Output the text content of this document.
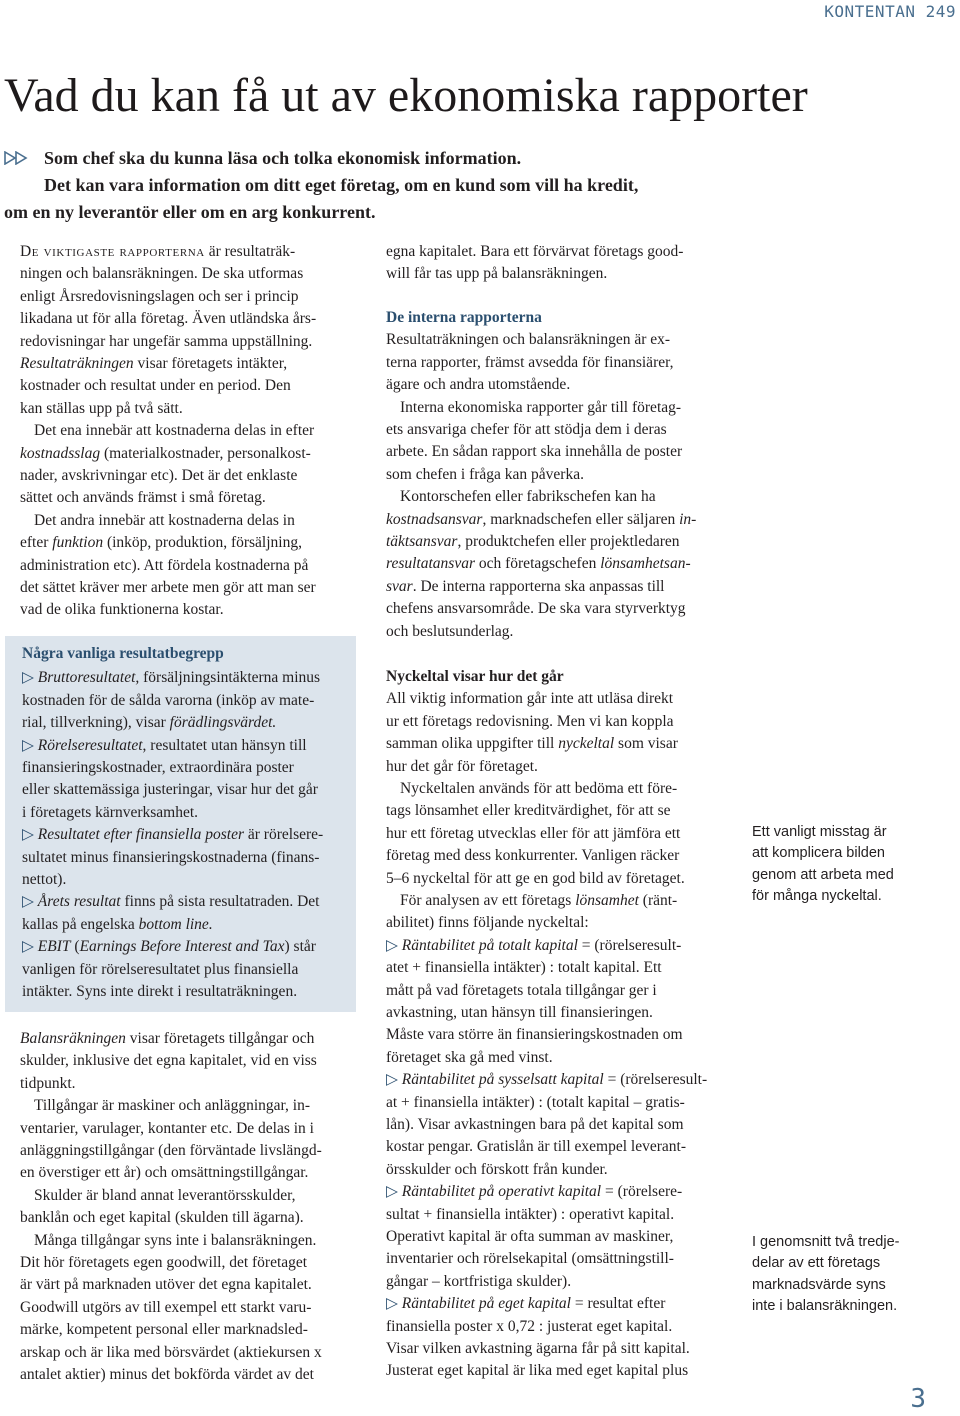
KONTENTAN 249
Vad du kan få ut av ekonomiska rapporter
Som chef ska du kunna läsa och tolka ekonomisk information.
Det kan vara information om ditt eget företag, om en kund som vill ha kredit,
om en ny leverantör eller om en arg konkurrent.
De viktigaste rapporterna är resultaträk-
ningen och balansräkningen. De ska utformas
enligt Årsredovisningslagen och ser i princip
likadana ut för alla företag. Även utländska års-
redovisningar har ungefär samma uppställning.
Resultaträkningen visar företagets intäkter,
kostnader och resultat under en period. Den
kan ställas upp på två sätt.
Det ena innebär att kostnaderna delas in efter
kostnadsslag (materialkostnader, personalkost-
nader, avskrivningar etc). Det är det enklaste
sättet och används främst i små företag.
Det andra innebär att kostnaderna delas in
efter funktion (inköp, produktion, försäljning,
administration etc). Att fördela kostnaderna på
det sättet kräver mer arbete men gör att man ser
vad de olika funktionerna kostar.
Balansräkningen visar företagets tillgångar och
skulder, inklusive det egna kapitalet, vid en viss
tidpunkt.
Tillgångar är maskiner och anläggningar, in-
ventarier, varulager, kontanter etc. De delas in i
anläggningstillgångar (den förväntade livslängd-
en överstiger ett år) och omsättningstillgångar.
Skulder är bland annat leverantörsskulder,
banklån och eget kapital (skulden till ägarna).
Många tillgångar syns inte i balansräkningen.
Dit hör företagets egen goodwill, det företaget
är värt på marknaden utöver det egna kapitalet.
Goodwill utgörs av till exempel ett starkt varu-
märke, kompetent personal eller marknadsled-
arskap och är lika med börsvärdet (aktiekursen x
antalet aktier) minus det bokförda värdet av det
Några vanliga resultatbegrepp
▷ Bruttoresultatet, försäljningsintäkterna minus
kostnaden för de sålda varorna (inköp av mate-
rial, tillverkning), visar förädlingsvärdet.
▷ Rörelseresultatet, resultatet utan hänsyn till
finansieringskostnader, extraordinära poster
eller skattemässiga justeringar, visar hur det går
i företagets kärnverksamhet.
▷ Resultatet efter finansiella poster är rörelsere-
sultatet minus finansieringskostnaderna (finans-
nettot).
▷ Årets resultat finns på sista resultatraden. Det
kallas på engelska bottom line.
▷ EBIT (Earnings Before Interest and Tax) står
vanligen för rörelseresultatet plus finansiella
intäkter. Syns inte direkt i resultaträkningen.
egna kapitalet. Bara ett förvärvat företags good-
will får tas upp på balansräkningen.
De interna rapporterna
Resultaträkningen och balansräkningen är ex-
terna rapporter, främst avsedda för finansiärer,
ägare och andra utomstående.
Interna ekonomiska rapporter går till företag-
ets ansvariga chefer för att stödja dem i deras
arbete. En sådan rapport ska innehålla de poster
som chefen i fråga kan påverka.
Kontorschefen eller fabrikschefen kan ha
kostnadsansvar, marknadschefen eller säljaren in-
täktsansvar, produktchefen eller projektledaren
resultatansvar och företagschefen lönsamhetsan-
svar. De interna rapporterna ska anpassas till
chefens ansvarsområde. De ska vara styrverktyg
och beslutsunderlag.
Nyckeltal visar hur det går
All viktig information går inte att utläsa direkt
ur ett företags redovisning. Men vi kan koppla
samman olika uppgifter till nyckeltal som visar
hur det går för företaget.
Nyckeltalen används för att bedöma ett före-
tags lönsamhet eller kreditvärdighet, för att se
hur ett företag utvecklas eller för att jämföra ett
företag med dess konkurrenter. Vanligen räcker
5–6 nyckeltal för att ge en god bild av företaget.
För analysen av ett företags lönsamhet (ränt-
abilitet) finns följande nyckeltal:
▷ Räntabilitet på totalt kapital = (rörelseresult-
atet + finansiella intäkter) : totalt kapital. Ett
mått på vad företagets totala tillgångar ger i
avkastning, utan hänsyn till finansieringen.
Måste vara större än finansieringskostnaden om
företaget ska gå med vinst.
▷ Räntabilitet på sysselsatt kapital = (rörelseresult-
at + finansiella intäkter) : (totalt kapital – gratis-
lån). Visar avkastningen bara på det kapital som
kostar pengar. Gratislån är till exempel leverant-
örsskulder och förskott från kunder.
▷ Räntabilitet på operativt kapital = (rörelsere-
sultat + finansiella intäkter) : operativt kapital.
Operativt kapital är ofta summan av maskiner,
inventarier och rörelsekapital (omsättningstill-
gångar – kortfristiga skulder).
▷ Räntabilitet på eget kapital = resultat efter
finansiella poster x 0,72 : justerat eget kapital.
Visar vilken avkastning ägarna får på sitt kapital.
Justerat eget kapital är lika med eget kapital plus
Ett vanligt misstag är
att komplicera bilden
genom att arbeta med
för många nyckeltal.
I genomsnitt två tredje-
delar av ett företags
marknadsvärde syns
inte i balansräkningen.
3
